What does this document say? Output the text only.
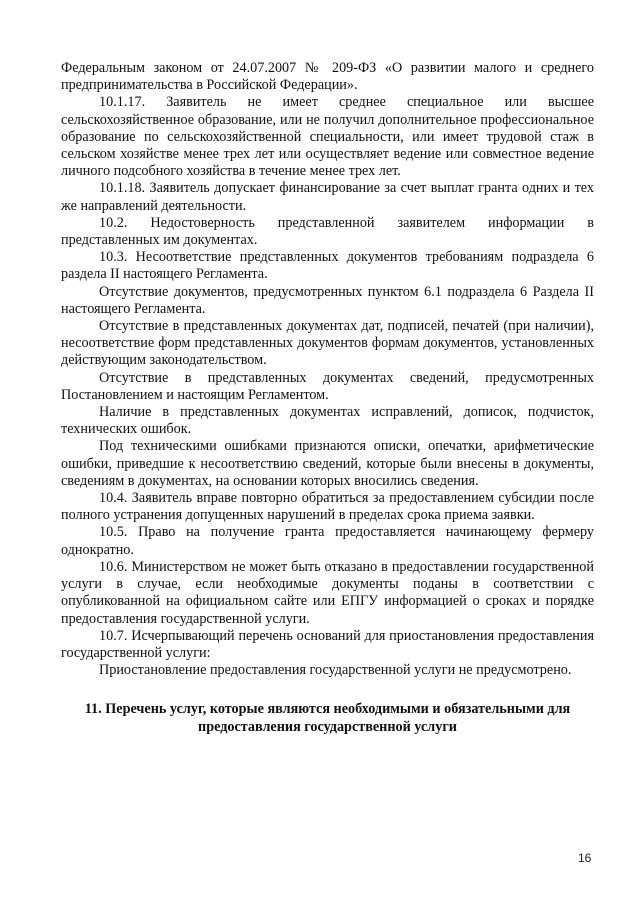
Федеральным законом от 24.07.2007 № 209-ФЗ «О развитии малого и среднего предпринимательства в Российской Федерации».

10.1.17. Заявитель не имеет среднее специальное или высшее сельскохозяйственное образование, или не получил дополнительное профессиональное образование по сельскохозяйственной специальности, или имеет трудовой стаж в сельском хозяйстве менее трех лет или осуществляет ведение или совместное ведение личного подсобного хозяйства в течение менее трех лет.

10.1.18. Заявитель допускает финансирование за счет выплат гранта одних и тех же направлений деятельности.

10.2. Недостоверность представленной заявителем информации в представленных им документах.

10.3. Несоответствие представленных документов требованиям подраздела 6 раздела II настоящего Регламента.

Отсутствие документов, предусмотренных пунктом 6.1 подраздела 6 Раздела II настоящего Регламента.

Отсутствие в представленных документах дат, подписей, печатей (при наличии), несоответствие форм представленных документов формам документов, установленных действующим законодательством.

Отсутствие в представленных документах сведений, предусмотренных Постановлением и настоящим Регламентом.

Наличие в представленных документах исправлений, дописок, подчисток, технических ошибок.

Под техническими ошибками признаются описки, опечатки, арифметические ошибки, приведшие к несоответствию сведений, которые были внесены в документы, сведениям в документах, на основании которых вносились сведения.

10.4. Заявитель вправе повторно обратиться за предоставлением субсидии после полного устранения допущенных нарушений в пределах срока приема заявки.

10.5. Право на получение гранта предоставляется начинающему фермеру однократно.

10.6. Министерством не может быть отказано в предоставлении государственной услуги в случае, если необходимые документы поданы в соответствии с опубликованной на официальном сайте или ЕПГУ информацией о сроках и порядке предоставления государственной услуги.

10.7. Исчерпывающий перечень оснований для приостановления предоставления государственной услуги:

Приостановление предоставления государственной услуги не предусмотрено.

11. Перечень услуг, которые являются необходимыми и обязательными для предоставления государственной услуги

16
